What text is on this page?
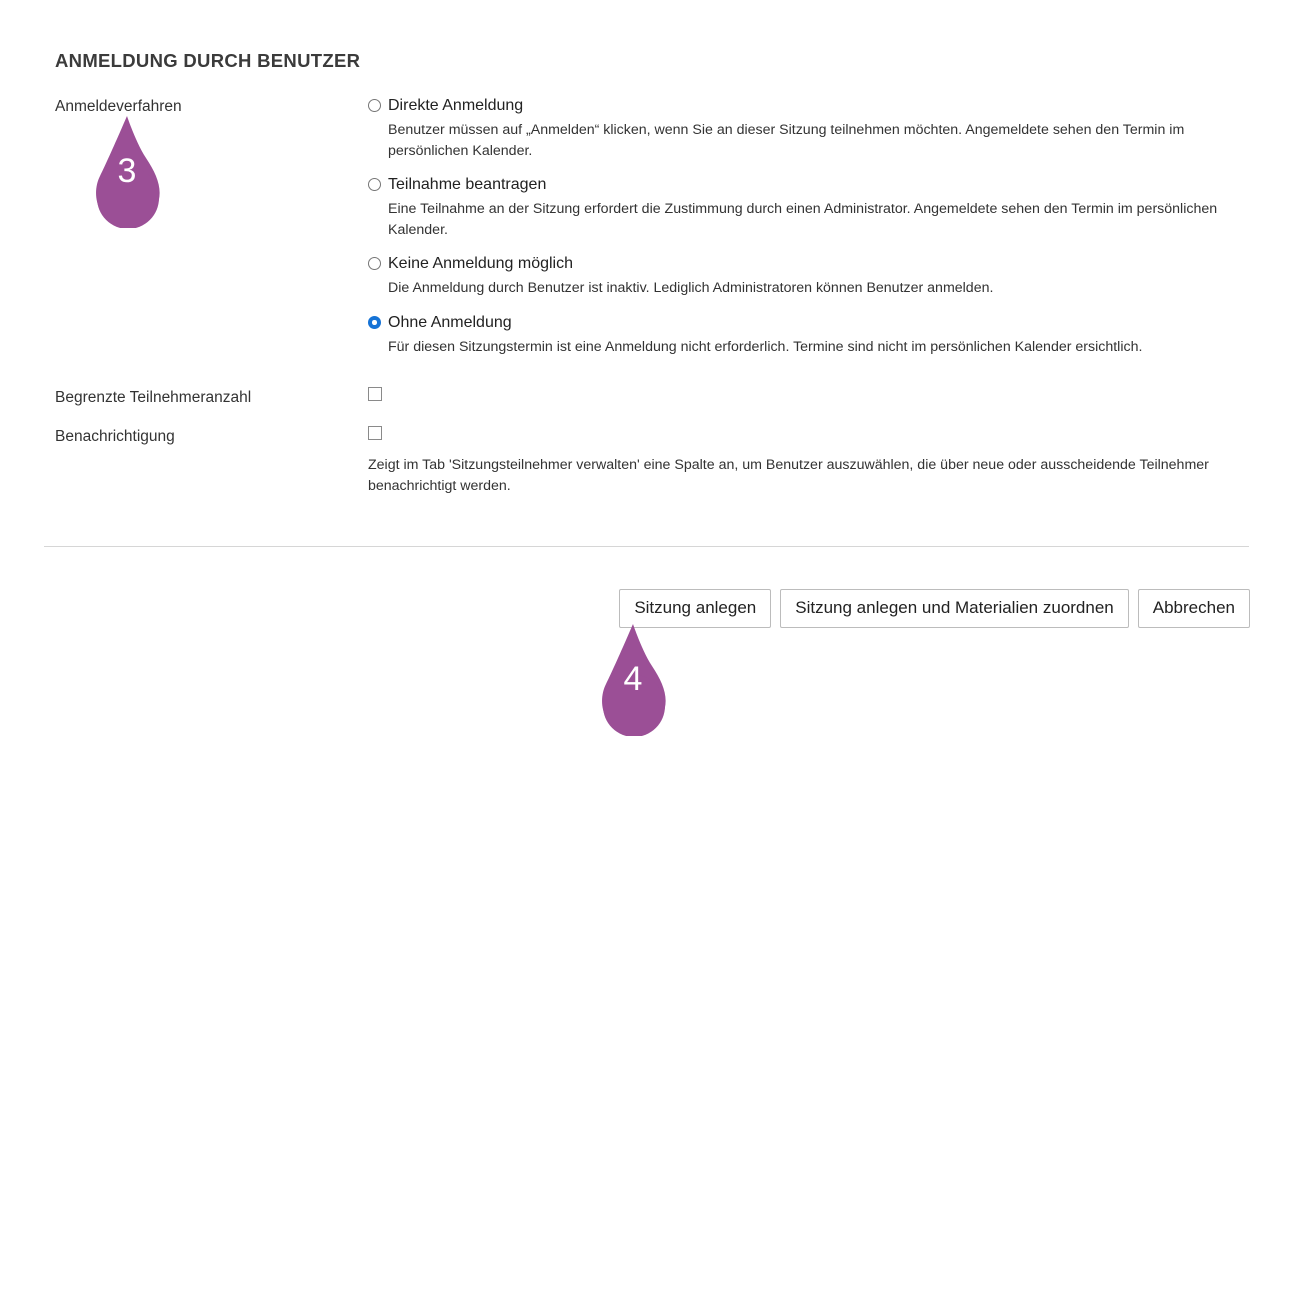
ANMELDUNG DURCH BENUTZER
Anmeldeverfahren	Direkte Anmeldung
Benutzer müssen auf „Anmelden“ klicken, wenn Sie an dieser Sitzung teilnehmen möchten. Angemeldete sehen den Termin im persönlichen Kalender.
Teilnahme beantragen
Eine Teilnahme an der Sitzung erfordert die Zustimmung durch einen Administrator. Angemeldete sehen den Termin im persönlichen Kalender.
Keine Anmeldung möglich
Die Anmeldung durch Benutzer ist inaktiv. Lediglich Administratoren können Benutzer anmelden.
Ohne Anmeldung
Für diesen Sitzungstermin ist eine Anmeldung nicht erforderlich. Termine sind nicht im persönlichen Kalender ersichtlich.
Begrenzte Teilnehmeranzahl
Benachrichtigung
Zeigt im Tab 'Sitzungsteilnehmer verwalten' eine Spalte an, um Benutzer auszuwählen, die über neue oder ausscheidende Teilnehmer benachrichtigt werden.
Sitzung anlegen	Sitzung anlegen und Materialien zuordnen	Abbrechen
3
4
